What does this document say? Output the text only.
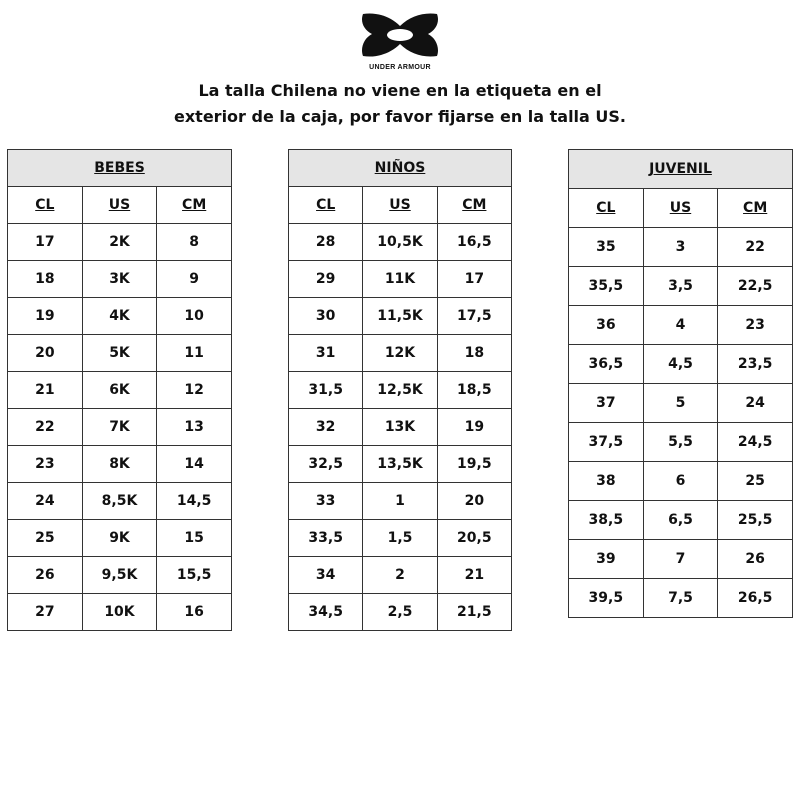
UNDER ARMOUR
La talla Chilena no viene en la etiqueta en el
exterior de la caja, por favor fijarse en la talla US.
BEBES		
CL	US	CM
17	2K	8
18	3K	9
19	4K	10
20	5K	11
21	6K	12
22	7K	13
23	8K	14
24	8,5K	14,5
25	9K	15
26	9,5K	15,5
27	10K	16
NIÑOS		
CL	US	CM
28	10,5K	16,5
29	11K	17
30	11,5K	17,5
31	12K	18
31,5	12,5K	18,5
32	13K	19
32,5	13,5K	19,5
33	1	20
33,5	1,5	20,5
34	2	21
34,5	2,5	21,5
JUVENIL		
CL	US	CM
35	3	22
35,5	3,5	22,5
36	4	23
36,5	4,5	23,5
37	5	24
37,5	5,5	24,5
38	6	25
38,5	6,5	25,5
39	7	26
39,5	7,5	26,5
